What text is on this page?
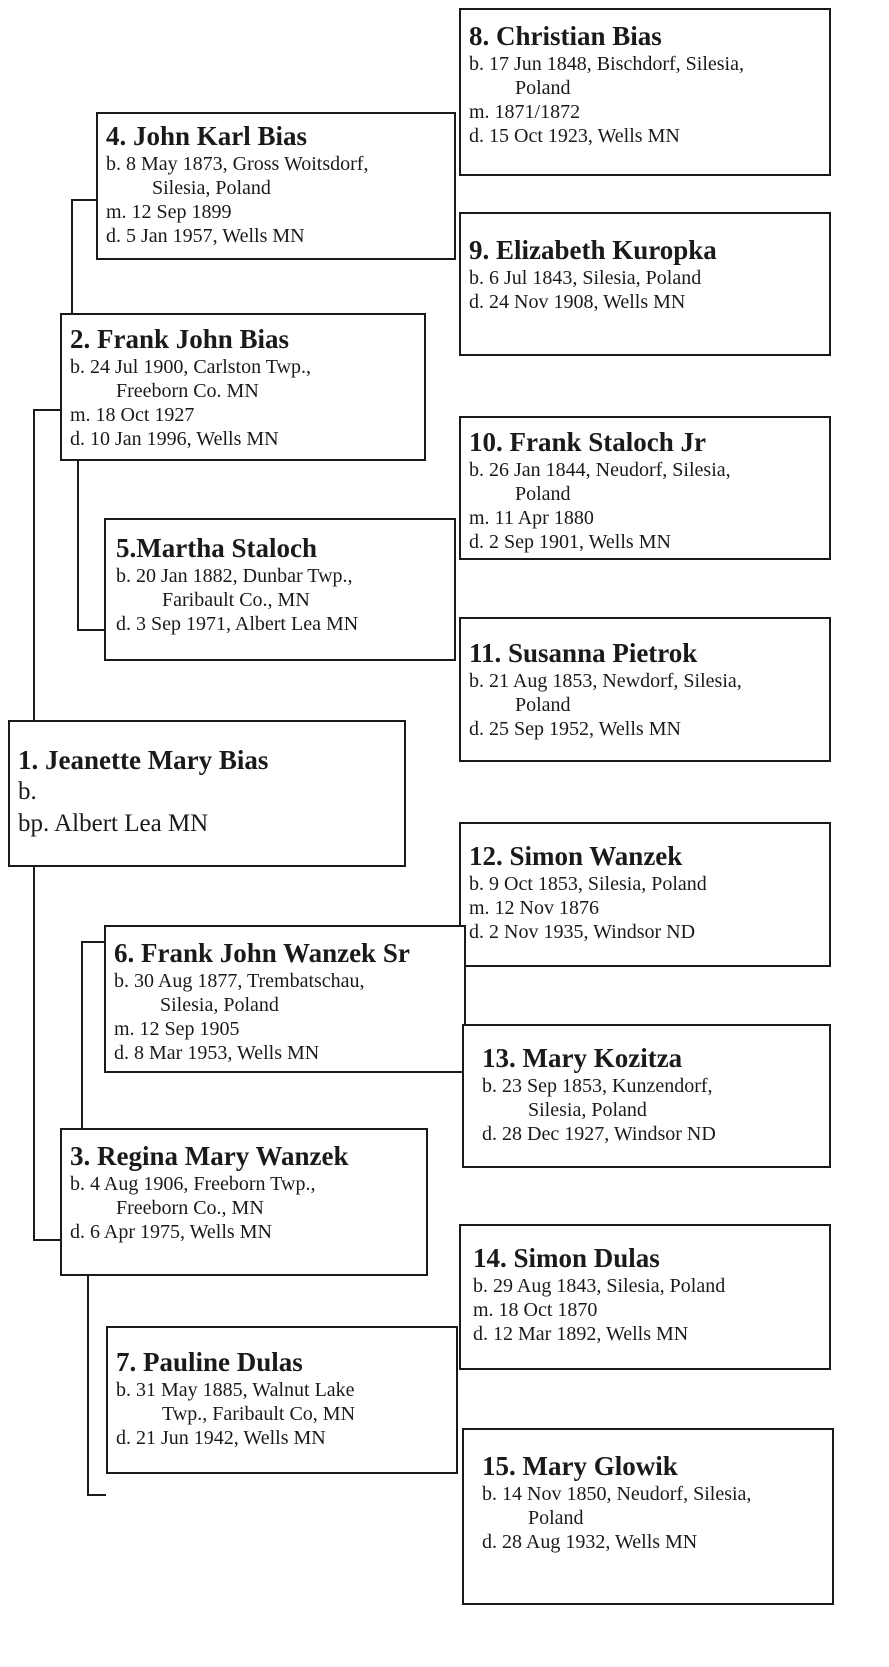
8. Christian Bias
b. 17 Jun 1848, Bischdorf, Silesia,
Poland
m. 1871/1872
d. 15 Oct 1923, Wells MN
4. John Karl Bias
b. 8 May 1873, Gross Woitsdorf,
Silesia, Poland
m. 12 Sep 1899
d. 5 Jan 1957, Wells MN	9. Elizabeth Kuropka
b. 6 Jul 1843, Silesia, Poland
d. 24 Nov 1908, Wells MN
2. Frank John Bias
b. 24 Jul 1900, Carlston Twp.,
Freeborn Co. MN
m. 18 Oct 1927
d. 10 Jan 1996, Wells MN	10. Frank Staloch Jr
b. 26 Jan 1844, Neudorf, Silesia,
Poland
m. 11 Apr 1880
d. 2 Sep 1901, Wells MN
5.Martha Staloch
b. 20 Jan 1882, Dunbar Twp.,
Faribault Co., MN
d. 3 Sep 1971, Albert Lea MN
11. Susanna Pietrok
b. 21 Aug 1853, Newdorf, Silesia,
Poland
d. 25 Sep 1952, Wells MN
1. Jeanette Mary Bias
b.
bp. Albert Lea MN
12. Simon Wanzek
b. 9 Oct 1853, Silesia, Poland
m. 12 Nov 1876
d. 2 Nov 1935, Windsor ND
6. Frank John Wanzek Sr
b. 30 Aug 1877, Trembatschau,
Silesia, Poland
m. 12 Sep 1905
d. 8 Mar 1953, Wells MN	13. Mary Kozitza
b. 23 Sep 1853, Kunzendorf,
Silesia, Poland
d. 28 Dec 1927, Windsor ND
3. Regina Mary Wanzek
b. 4 Aug 1906, Freeborn Twp.,
Freeborn Co., MN
d. 6 Apr 1975, Wells MN
14. Simon Dulas
b. 29 Aug 1843, Silesia, Poland
m. 18 Oct 1870
d. 12 Mar 1892, Wells MN
7. Pauline Dulas
b. 31 May 1885, Walnut Lake
Twp., Faribault Co, MN
d. 21 Jun 1942, Wells MN
15. Mary Glowik
b. 14 Nov 1850, Neudorf, Silesia,
Poland
d. 28 Aug 1932, Wells MN
